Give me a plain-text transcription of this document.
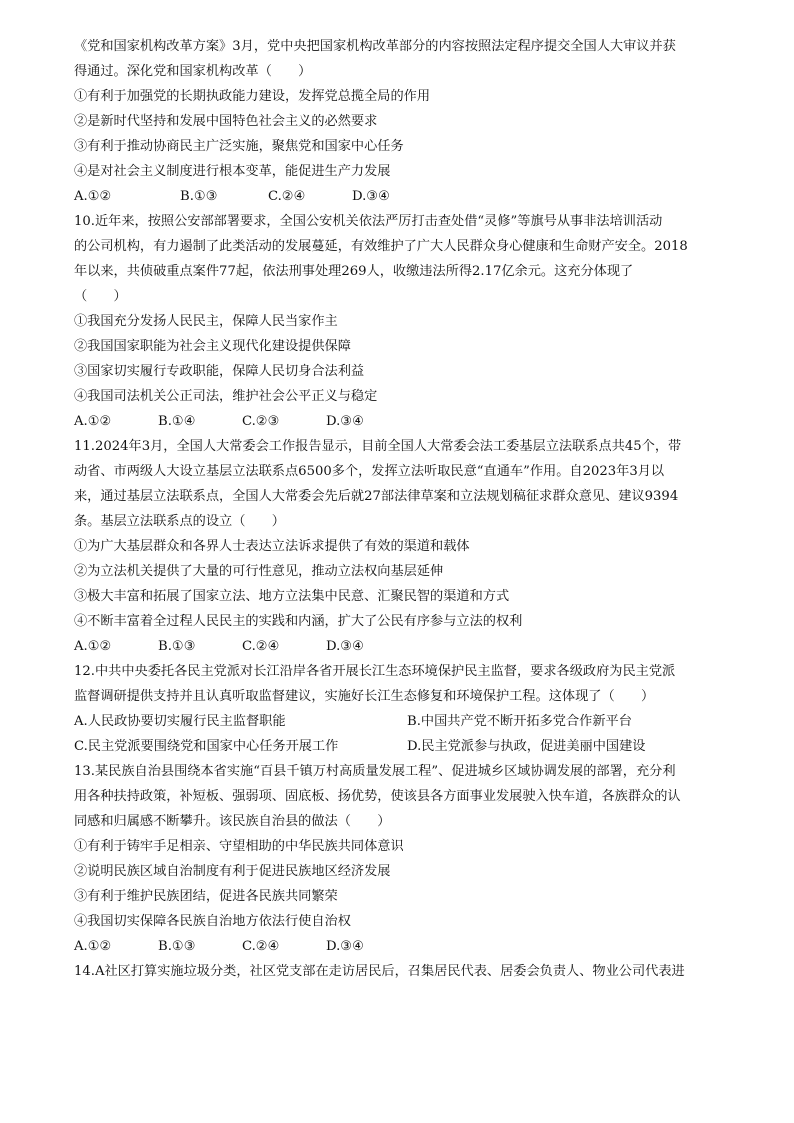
《党和国家机构改革方案》3月，党中央把国家机构改革部分的内容按照法定程序提交全国人大审议并获
得通过。深化党和国家机构改革（　　）
①有利于加强党的长期执政能力建设，发挥党总揽全局的作用
②是新时代坚持和发展中国特色社会主义的必然要求
③有利于推动协商民主广泛实施，聚焦党和国家中心任务
④是对社会主义制度进行根本变革，能促进生产力发展
A.①②	B.①③	C.②④	D.③④
10.近年来，按照公安部部署要求，全国公安机关依法严厉打击查处借“灵修”等旗号从事非法培训活动
的公司机构，有力遏制了此类活动的发展蔓延，有效维护了广大人民群众身心健康和生命财产安全。2018
年以来，共侦破重点案件77起，依法刑事处理269人，收缴违法所得2.17亿余元。这充分体现了
（　　）
①我国充分发扬人民民主，保障人民当家作主
②我国国家职能为社会主义现代化建设提供保障
③国家切实履行专政职能，保障人民切身合法利益
④我国司法机关公正司法，维护社会公平正义与稳定
A.①②	B.①④	C.②③	D.③④
11.2024年3月，全国人大常委会工作报告显示，目前全国人大常委会法工委基层立法联系点共45个，带
动省、市两级人大设立基层立法联系点6500多个，发挥立法听取民意“直通车”作用。自2023年3月以
来，通过基层立法联系点，全国人大常委会先后就27部法律草案和立法规划稿征求群众意见、建议9394
条。基层立法联系点的设立（　　）
①为广大基层群众和各界人士表达立法诉求提供了有效的渠道和载体
②为立法机关提供了大量的可行性意见，推动立法权向基层延伸
③极大丰富和拓展了国家立法、地方立法集中民意、汇聚民智的渠道和方式
④不断丰富着全过程人民民主的实践和内涵，扩大了公民有序参与立法的权利
A.①②	B.①③	C.②④	D.③④
12.中共中央委托各民主党派对长江沿岸各省开展长江生态环境保护民主监督，要求各级政府为民主党派
监督调研提供支持并且认真听取监督建议，实施好长江生态修复和环境保护工程。这体现了（　　）
A.人民政协要切实履行民主监督职能	B.中国共产党不断开拓多党合作新平台
C.民主党派要围绕党和国家中心任务开展工作	D.民主党派参与执政，促进美丽中国建设
13.某民族自治县围绕本省实施“百县千镇万村高质量发展工程”、促进城乡区域协调发展的部署，充分利
用各种扶持政策，补短板、强弱项、固底板、扬优势，使该县各方面事业发展驶入快车道，各族群众的认
同感和归属感不断攀升。该民族自治县的做法（　　）
①有利于铸牢手足相亲、守望相助的中华民族共同体意识
②说明民族区域自治制度有利于促进民族地区经济发展
③有利于维护民族团结，促进各民族共同繁荣
④我国切实保障各民族自治地方依法行使自治权
A.①②	B.①③	C.②④	D.③④
14.A社区打算实施垃圾分类，社区党支部在走访居民后，召集居民代表、居委会负责人、物业公司代表进
